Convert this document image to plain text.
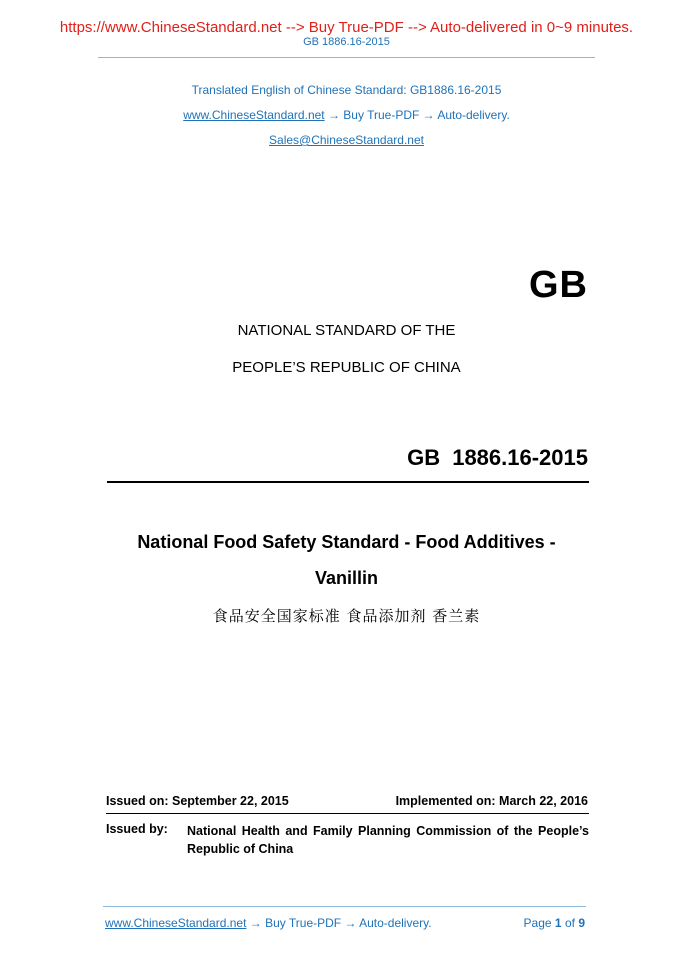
https://www.ChineseStandard.net --> Buy True-PDF --> Auto-delivered in 0~9 minutes.
GB 1886.16-2015
Translated English of Chinese Standard: GB1886.16-2015
www.ChineseStandard.net → Buy True-PDF → Auto-delivery.
Sales@ChineseStandard.net
GB
NATIONAL STANDARD OF THE
PEOPLE’S REPUBLIC OF CHINA
GB 1886.16-2015
National Food Safety Standard - Food Additives -
Vanillin
食品安全国家标准 食品添加剂 香兰素
Issued on: September 22, 2015	Implemented on: March 22, 2016
Issued by: National Health and Family Planning Commission of the People’s Republic of China
www.ChineseStandard.net → Buy True-PDF → Auto-delivery.	Page 1 of 9
